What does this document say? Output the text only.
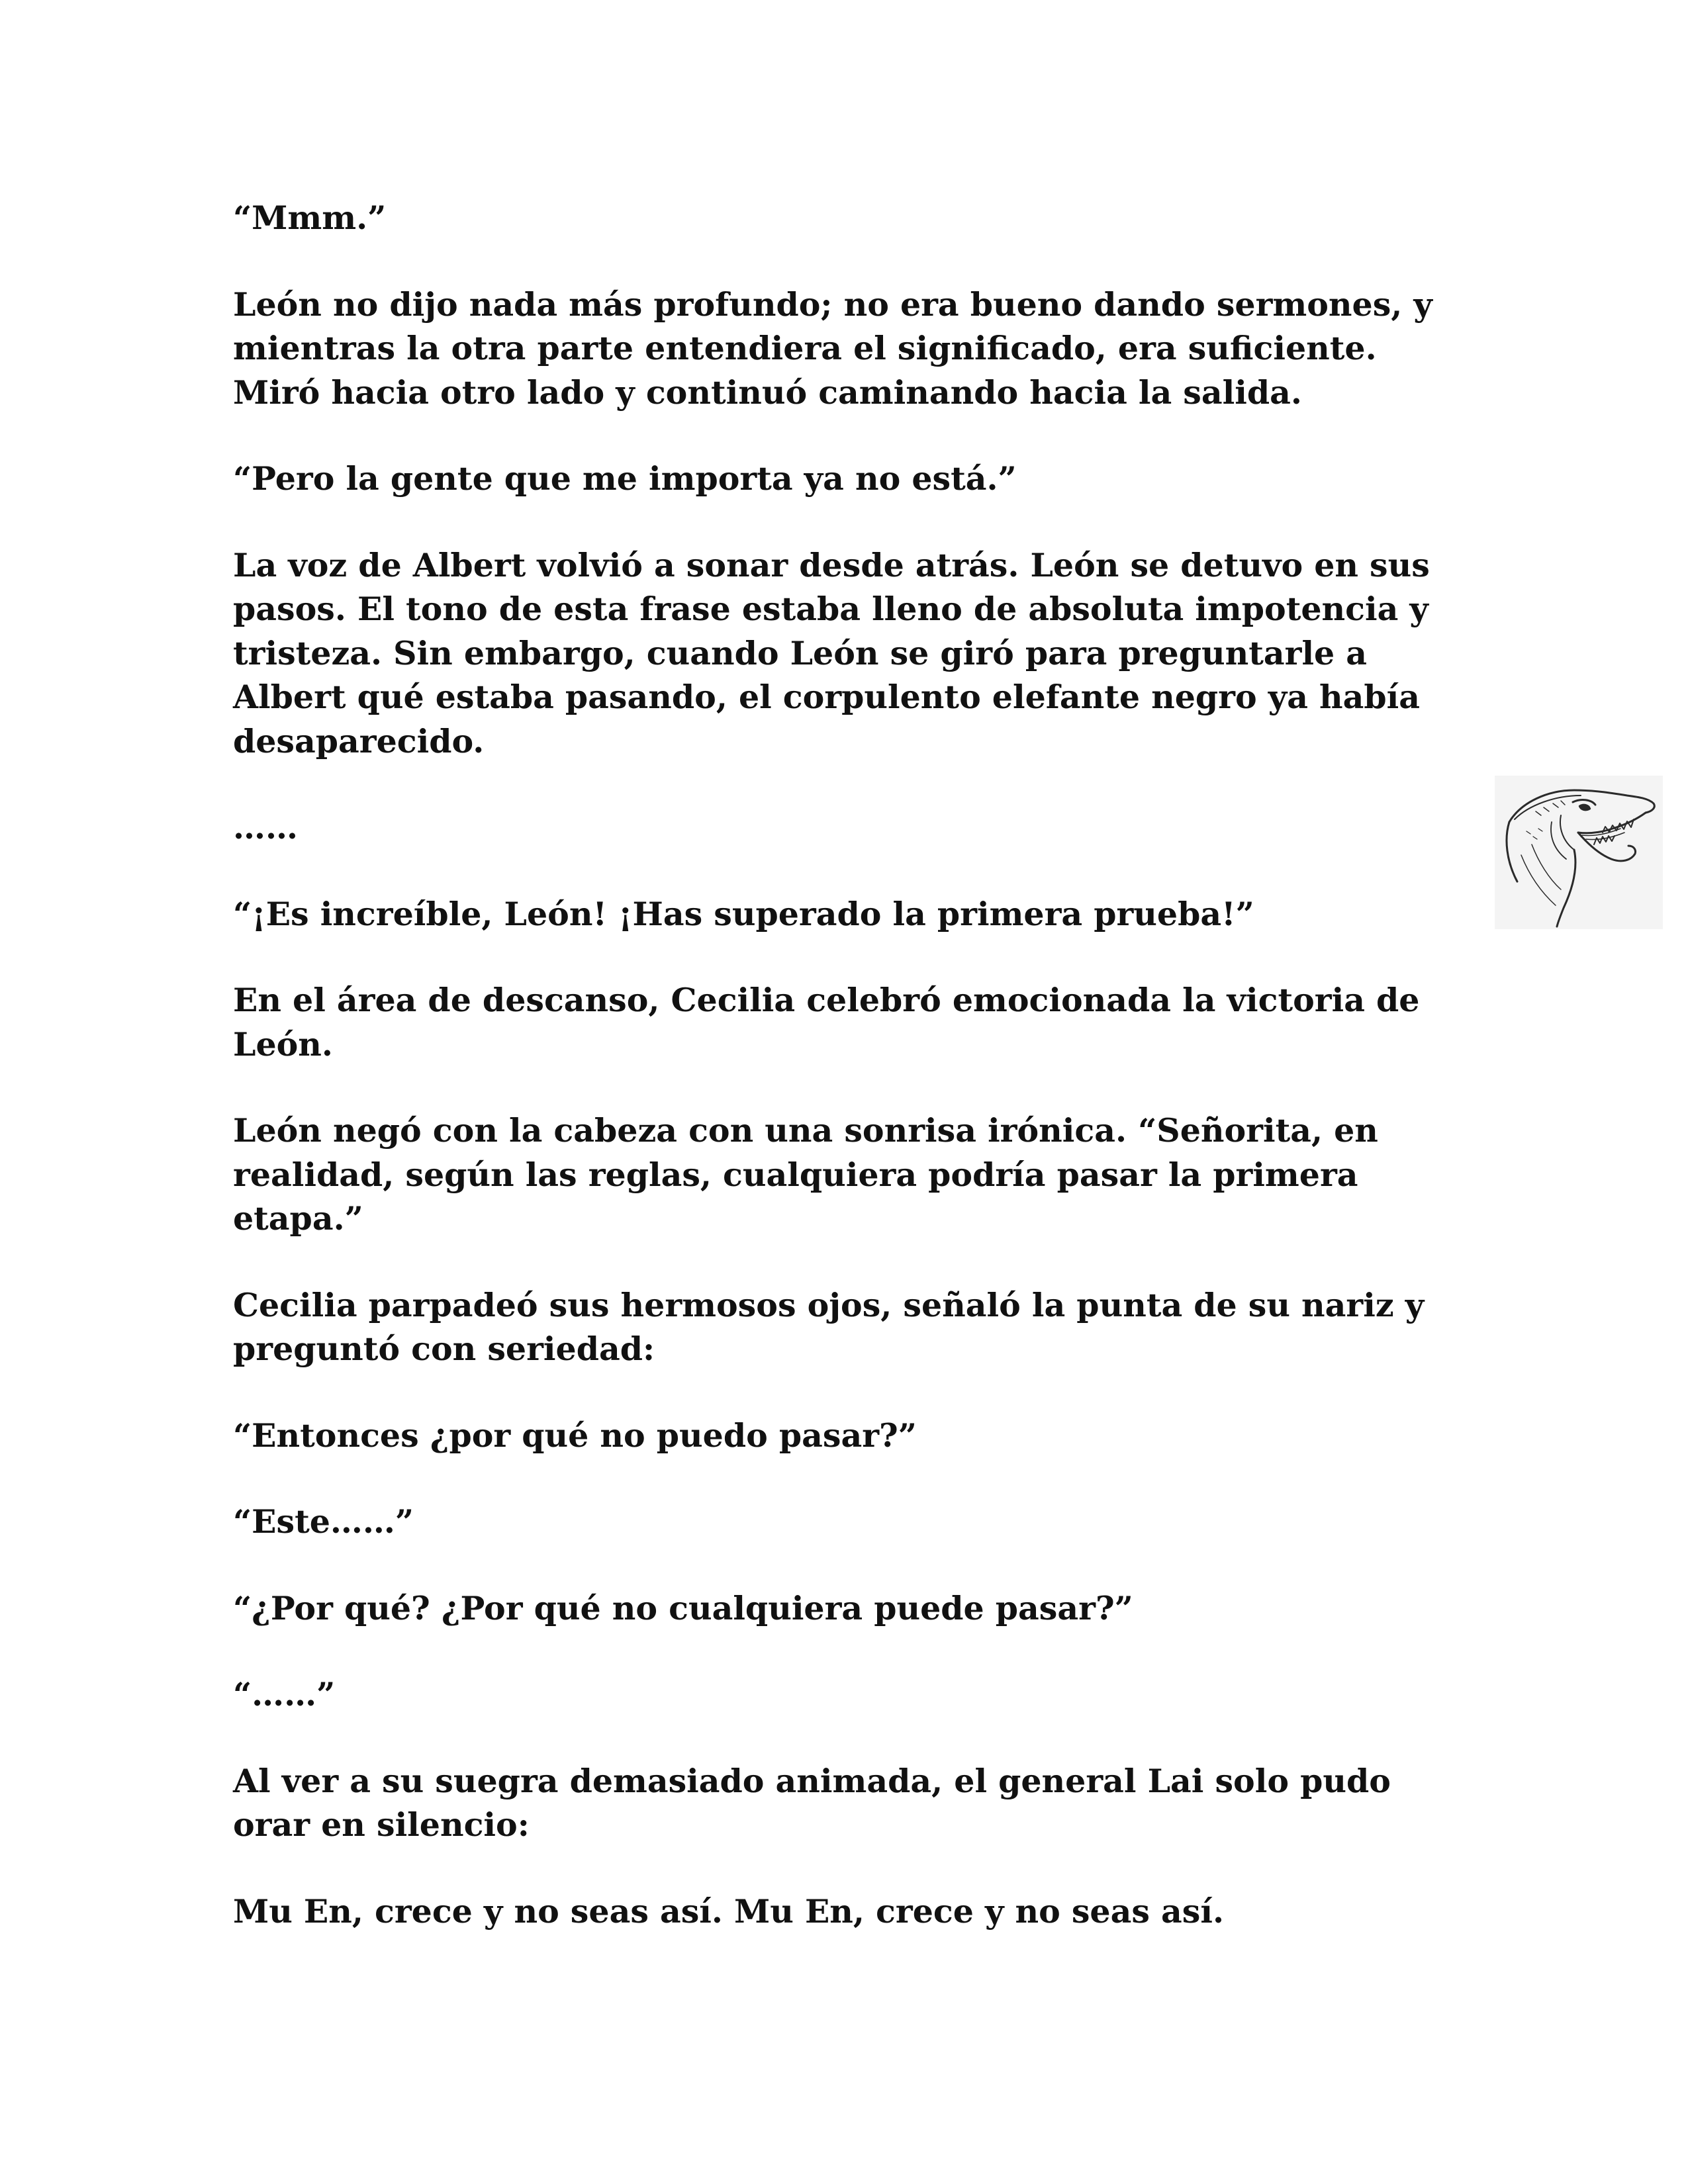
“Mmm.”

León no dijo nada más profundo; no era bueno dando sermones, y mientras la otra parte entendiera el significado, era suficiente. Miró hacia otro lado y continuó caminando hacia la salida.

“Pero la gente que me importa ya no está.”

La voz de Albert volvió a sonar desde atrás. León se detuvo en sus pasos. El tono de esta frase estaba lleno de absoluta impotencia y tristeza. Sin embargo, cuando León se giró para preguntarle a Albert qué estaba pasando, el corpulento elefante negro ya había desaparecido.

……

“¡Es increíble, León! ¡Has superado la primera prueba!”

En el área de descanso, Cecilia celebró emocionada la victoria de León.

León negó con la cabeza con una sonrisa irónica. “Señorita, en realidad, según las reglas, cualquiera podría pasar la primera etapa.”

Cecilia parpadeó sus hermosos ojos, señaló la punta de su nariz y preguntó con seriedad:

“Entonces ¿por qué no puedo pasar?”

“Este……”

“¿Por qué? ¿Por qué no cualquiera puede pasar?”

“……”

Al ver a su suegra demasiado animada, el general Lai solo pudo orar en silencio:

Mu En, crece y no seas así. Mu En, crece y no seas así.
